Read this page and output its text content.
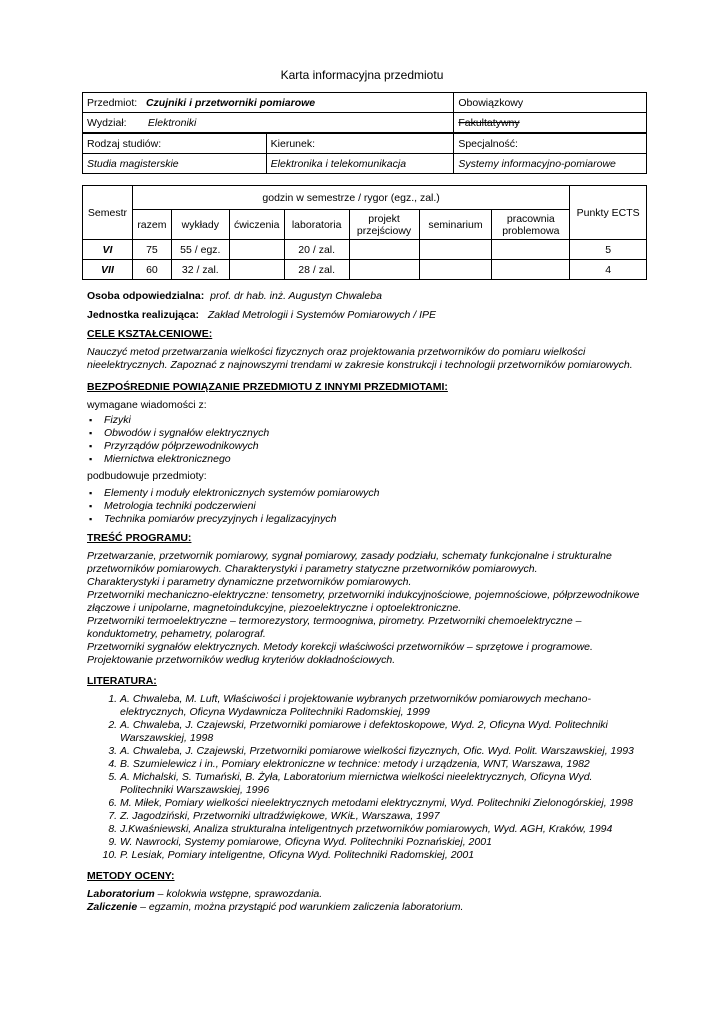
Karta informacyjna przedmiotu
Przedmiot: Czujniki i przetworniki pomiarowe		Obowiązkowy
Wydział: Elektroniki		Fakultatywny
Rodzaj studiów:	Kierunek:	Specjalność:
Studia magisterskie	Elektronika i telekomunikacja	Systemy informacyjno-pomiarowe
Semestr	godzin w semestrze / rygor (egz., zal.)							Punkty ECTS
	razem	wykłady	ćwiczenia	laboratoria	projekt przejściowy	seminarium	pracownia problemowa	
VI	75	55 / egz.		20 / zal.				5
VII	60	32 / zal.		28 / zal.				4

Osoba odpowiedzialna: prof. dr hab. inż. Augustyn Chwaleba

Jednostka realizująca: Zakład Metrologii i Systemów Pomiarowych / IPE

CELE KSZTAŁCENIOWE:

Nauczyć metod przetwarzania wielkości fizycznych oraz projektowania przetworników do pomiaru wielkości nieelektrycznych. Zapoznać z najnowszymi trendami w zakresie konstrukcji i technologii przetworników pomiarowych.

BEZPOŚREDNIE POWIĄZANIE PRZEDMIOTU Z INNYMI PRZEDMIOTAMI:

wymagane wiadomości z:

▪ Fizyki
▪ Obwodów i sygnałów elektrycznych
▪ Przyrządów półprzewodnikowych
▪ Miernictwa elektronicznego

podbudowuje przedmioty:

▪ Elementy i moduły elektronicznych systemów pomiarowych
▪ Metrologia techniki podczerwieni
▪ Technika pomiarów precyzyjnych i legalizacyjnych
TREŚĆ PROGRAMU:

Przetwarzanie, przetwornik pomiarowy, sygnał pomiarowy, zasady podziału, schematy funkcjonalne i strukturalne przetworników pomiarowych. Charakterystyki i parametry statyczne przetworników pomiarowych.

Charakterystyki i parametry dynamiczne przetworników pomiarowych.

Przetworniki mechaniczno-elektryczne: tensometry, przetworniki indukcyjnościowe, pojemnościowe, półprzewodnikowe złączowe i unipolarne, magnetoindukcyjne, piezoelektryczne i optoelektroniczne.

Przetworniki termoelektryczne – termorezystory, termoogniwa, pirometry. Przetworniki chemoelektryczne – konduktometry, pehametry, polarograf.

Przetworniki sygnałów elektrycznych. Metody korekcji właściwości przetworników – sprzętowe i programowe.

Projektowanie przetworników według kryteriów dokładnościowych.

LITERATURA:
1. A. Chwaleba, M. Luft, Właściwości i projektowanie wybranych przetworników pomiarowych mechano-elektrycznych, Oficyna Wydawnicza Politechniki Radomskiej, 1999
2. A. Chwaleba, J. Czajewski, Przetworniki pomiarowe i defektoskopowe, Wyd. 2, Oficyna Wyd. Politechniki Warszawskiej, 1998
3. A. Chwaleba, J. Czajewski, Przetworniki pomiarowe wielkości fizycznych, Ofic. Wyd. Polit. Warszawskiej, 1993
4. B. Szumielewicz i in., Pomiary elektroniczne w technice: metody i urządzenia, WNT, Warszawa, 1982
5. A. Michalski, S. Tumański, B. Żyła, Laboratorium miernictwa wielkości nieelektrycznych, Oficyna Wyd. Politechniki Warszawskiej, 1996
6. M. Miłek, Pomiary wielkości nieelektrycznych metodami elektrycznymi, Wyd. Politechniki Zielonogórskiej, 1998
7. Z. Jagodziński, Przetworniki ultradźwiękowe, WKiŁ, Warszawa, 1997
8. J.Kwaśniewski, Analiza strukturalna inteligentnych przetworników pomiarowych, Wyd. AGH, Kraków, 1994
9. W. Nawrocki, Systemy pomiarowe, Oficyna Wyd. Politechniki Poznańskiej, 2001
10. P. Lesiak, Pomiary inteligentne, Oficyna Wyd. Politechniki Radomskiej, 2001
METODY OCENY:

Laboratorium – kolokwia wstępne, sprawozdania.

Zaliczenie – egzamin, można przystąpić pod warunkiem zaliczenia laboratorium.
